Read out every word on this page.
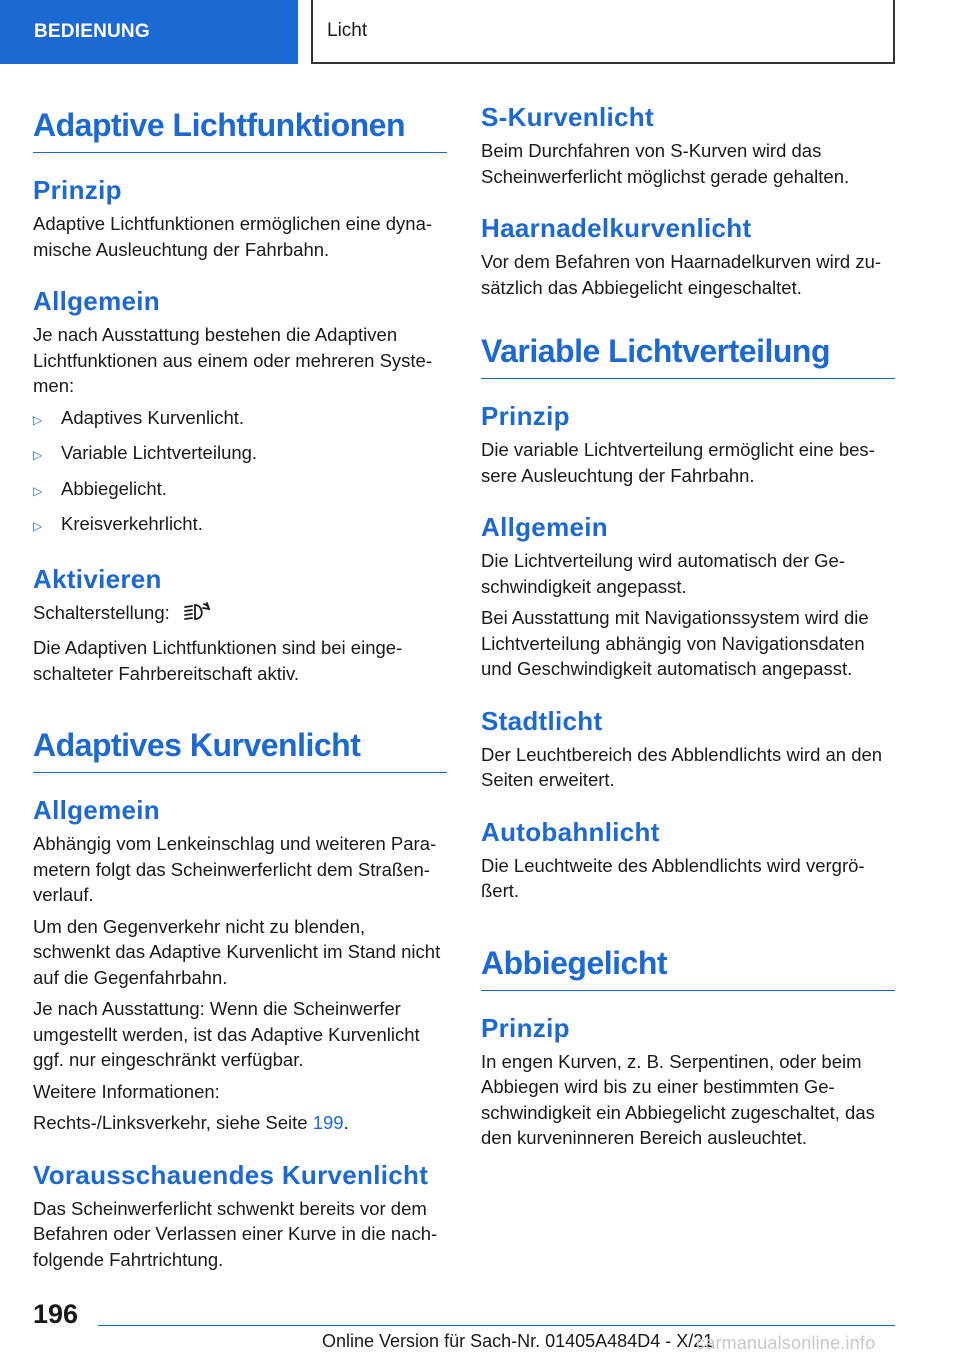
BEDIENUNG	Licht
Adaptive Lichtfunktionen
Prinzip

Adaptive Lichtfunktionen ermöglichen eine dyna-mische Ausleuchtung der Fahrbahn.

Allgemein

Je nach Ausstattung bestehen die Adaptiven Lichtfunktionen aus einem oder mehreren Syste-men:

▷	Adaptives Kurvenlicht.
▷	Variable Lichtverteilung.
▷	Abbiegelicht.
▷	Kreisverkehrlicht.
Aktivieren

Schalterstellung:

Die Adaptiven Lichtfunktionen sind bei einge-schalteter Fahrbereitschaft aktiv.

Adaptives Kurvenlicht
Allgemein

Abhängig vom Lenkeinschlag und weiteren Para-metern folgt das Scheinwerferlicht dem Straßen-verlauf.

Um den Gegenverkehr nicht zu blenden, schwenkt das Adaptive Kurvenlicht im Stand nicht auf die Gegenfahrbahn.

Je nach Ausstattung: Wenn die Scheinwerfer umgestellt werden, ist das Adaptive Kurvenlicht ggf. nur eingeschränkt verfügbar.

Weitere Informationen:

Rechts-/Linksverkehr, siehe Seite 199.

Vorausschauendes Kurvenlicht

Das Scheinwerferlicht schwenkt bereits vor dem Befahren oder Verlassen einer Kurve in die nach-folgende Fahrtrichtung.

S-Kurvenlicht

Beim Durchfahren von S-Kurven wird das Scheinwerferlicht möglichst gerade gehalten.

Haarnadelkurvenlicht

Vor dem Befahren von Haarnadelkurven wird zu-sätzlich das Abbiegelicht eingeschaltet.

Variable Lichtverteilung
Prinzip

Die variable Lichtverteilung ermöglicht eine bes-sere Ausleuchtung der Fahrbahn.

Allgemein

Die Lichtverteilung wird automatisch der Ge-schwindigkeit angepasst.

Bei Ausstattung mit Navigationssystem wird die Lichtverteilung abhängig von Navigationsdaten und Geschwindigkeit automatisch angepasst.

Stadtlicht

Der Leuchtbereich des Abblendlichts wird an den Seiten erweitert.

Autobahnlicht

Die Leuchtweite des Abblendlichts wird vergrö-ßert.

Abbiegelicht
Prinzip

In engen Kurven, z. B. Serpentinen, oder beim Abbiegen wird bis zu einer bestimmten Ge-schwindigkeit ein Abbiegelicht zugeschaltet, das den kurveninneren Bereich ausleuchtet.

196
Online Version für Sach-Nr. 01405A484D4 - X/21
carmanualsonline.info
